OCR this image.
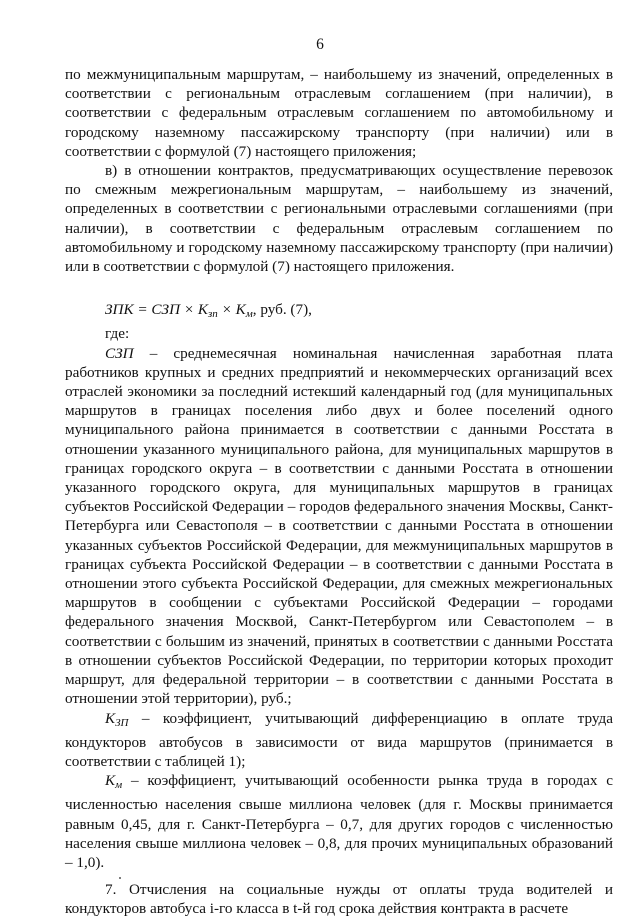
6

по межмуниципальным маршрутам, – наибольшему из значений, определенных в соответствии с региональным отраслевым соглашением (при наличии), в соответствии с федеральным отраслевым соглашением по автомобильному и городскому наземному пассажирскому транспорту (при наличии) или в соответствии с формулой (7) настоящего приложения;

в) в отношении контрактов, предусматривающих осуществление перевозок по смежным межрегиональным маршрутам, – наибольшему из значений, определенных в соответствии с региональными отраслевыми соглашениями (при наличии), в соответствии с федеральным отраслевым соглашением по автомобильному и городскому наземному пассажирскому транспорту (при наличии) или в соответствии с формулой (7) настоящего приложения.

ЗПК = СЗП × $К_{зп} \times К_м$, руб. (7),

где:

СЗП – среднемесячная номинальная начисленная заработная плата работников крупных и средних предприятий и некоммерческих организаций всех отраслей экономики за последний истекший календарный год (для муниципальных маршрутов в границах поселения либо двух и более поселений одного муниципального района принимается в соответствии с данными Росстата в отношении указанного муниципального района, для муниципальных маршрутов в границах городского округа – в соответствии с данными Росстата в отношении указанного городского округа, для муниципальных маршрутов в границах субъектов Российской Федерации – городов федерального значения Москвы, Санкт-Петербурга или Севастополя – в соответствии с данными Росстата в отношении указанных субъектов Российской Федерации, для межмуниципальных маршрутов в границах субъекта Российской Федерации – в соответствии с данными Росстата в отношении этого субъекта Российской Федерации, для смежных межрегиональных маршрутов в сообщении с субъектами Российской Федерации – городами федерального значения Москвой, Санкт-Петербургом или Севастополем – в соответствии с большим из значений, принятых в соответствии с данными Росстата в отношении субъектов Российской Федерации, по территории которых проходит маршрут, для федеральной территории – в соответствии с данными Росстата в отношении этой территории), руб.;

$К_{ЗП}$ – коэффициент, учитывающий дифференциацию в оплате труда кондукторов автобусов в зависимости от вида маршрутов (принимается в соответствии с таблицей 1);

$К_м$ – коэффициент, учитывающий особенности рынка труда в городах с численностью населения свыше миллиона человек (для г. Москвы принимается равным 0,45, для г. Санкт-Петербурга – 0,7, для других городов с численностью населения свыше миллиона человек – 0,8, для прочих муниципальных образований – 1,0).

7. Отчисления на социальные нужды от оплаты труда водителей и кондукторов автобуса i-го класса в t-й год срока действия контракта в расчете
